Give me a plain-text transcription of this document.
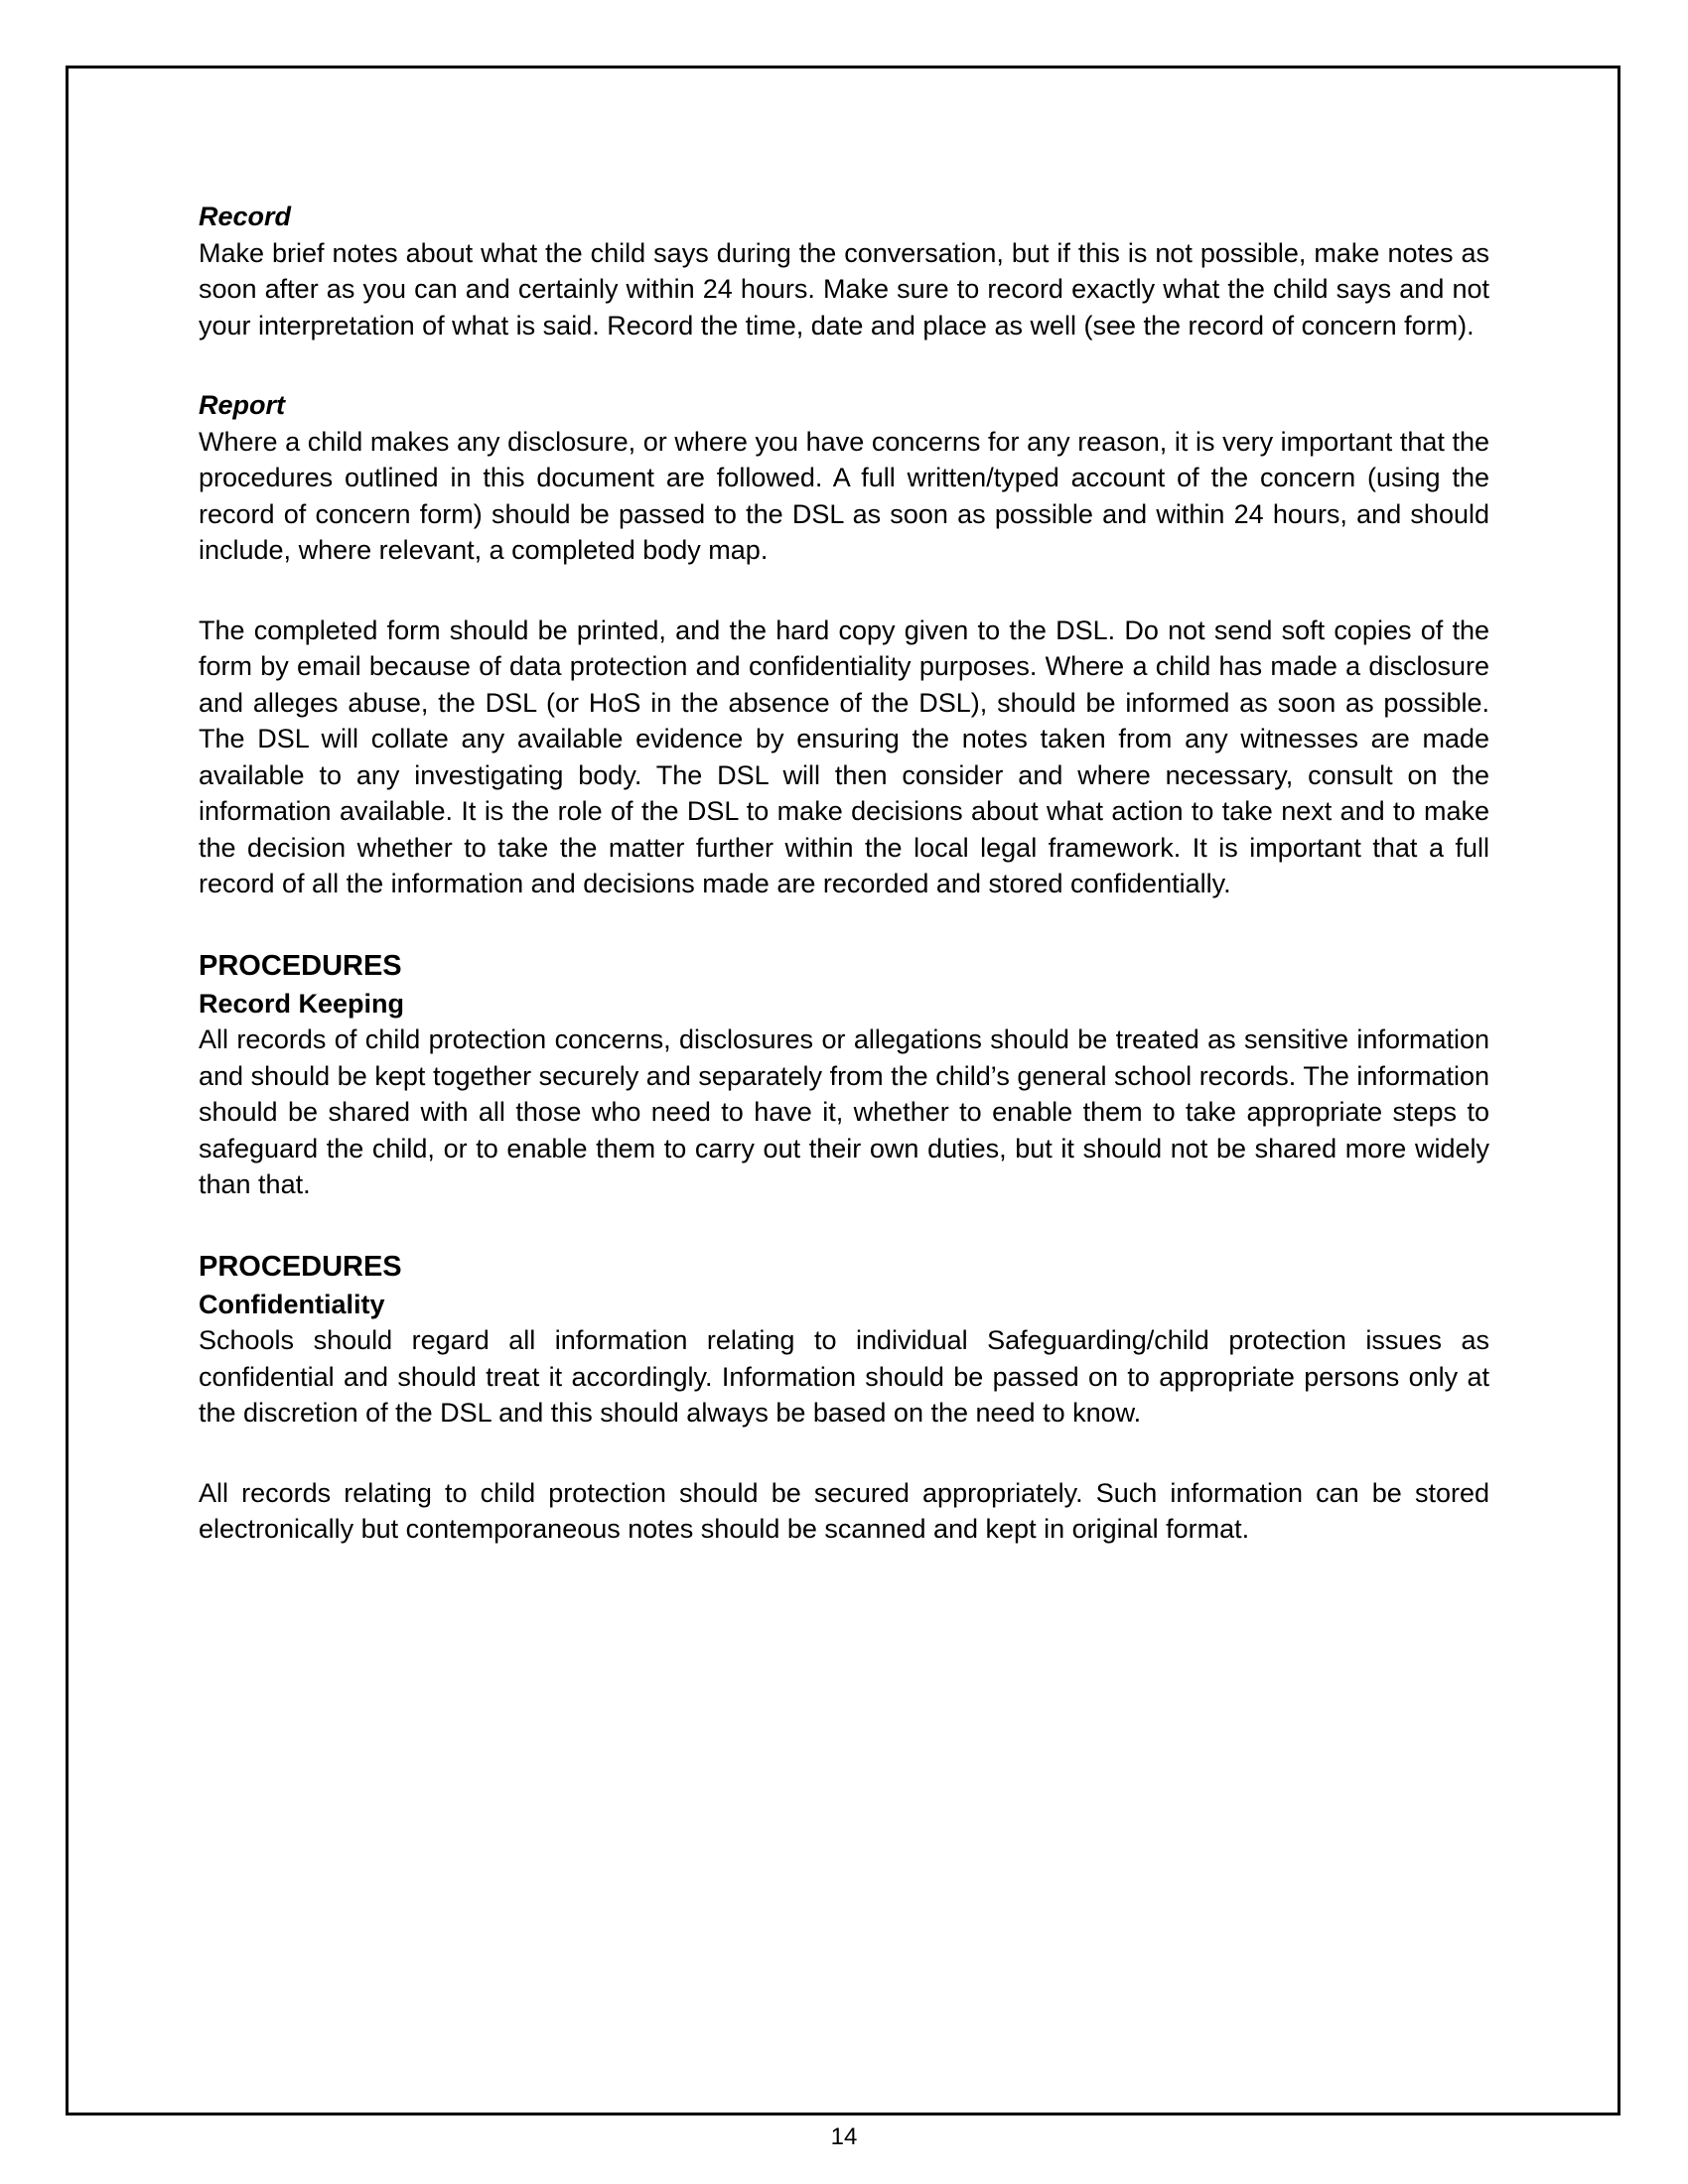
Record

Make brief notes about what the child says during the conversation, but if this is not possible, make notes as soon after as you can and certainly within 24 hours. Make sure to record exactly what the child says and not your interpretation of what is said. Record the time, date and place as well (see the record of concern form).

Report

Where a child makes any disclosure, or where you have concerns for any reason, it is very important that the procedures outlined in this document are followed. A full written/typed account of the concern (using the record of concern form) should be passed to the DSL as soon as possible and within 24 hours, and should include, where relevant, a completed body map.

The completed form should be printed, and the hard copy given to the DSL. Do not send soft copies of the form by email because of data protection and confidentiality purposes. Where a child has made a disclosure and alleges abuse, the DSL (or HoS in the absence of the DSL), should be informed as soon as possible. The DSL will collate any available evidence by ensuring the notes taken from any witnesses are made available to any investigating body. The DSL will then consider and where necessary, consult on the information available. It is the role of the DSL to make decisions about what action to take next and to make the decision whether to take the matter further within the local legal framework. It is important that a full record of all the information and decisions made are recorded and stored confidentially.

PROCEDURES
Record Keeping

All records of child protection concerns, disclosures or allegations should be treated as sensitive information and should be kept together securely and separately from the child’s general school records. The information should be shared with all those who need to have it, whether to enable them to take appropriate steps to safeguard the child, or to enable them to carry out their own duties, but it should not be shared more widely than that.

PROCEDURES
Confidentiality

Schools should regard all information relating to individual Safeguarding/child protection issues as confidential and should treat it accordingly. Information should be passed on to appropriate persons only at the discretion of the DSL and this should always be based on the need to know.

All records relating to child protection should be secured appropriately. Such information can be stored electronically but contemporaneous notes should be scanned and kept in original format.

14
